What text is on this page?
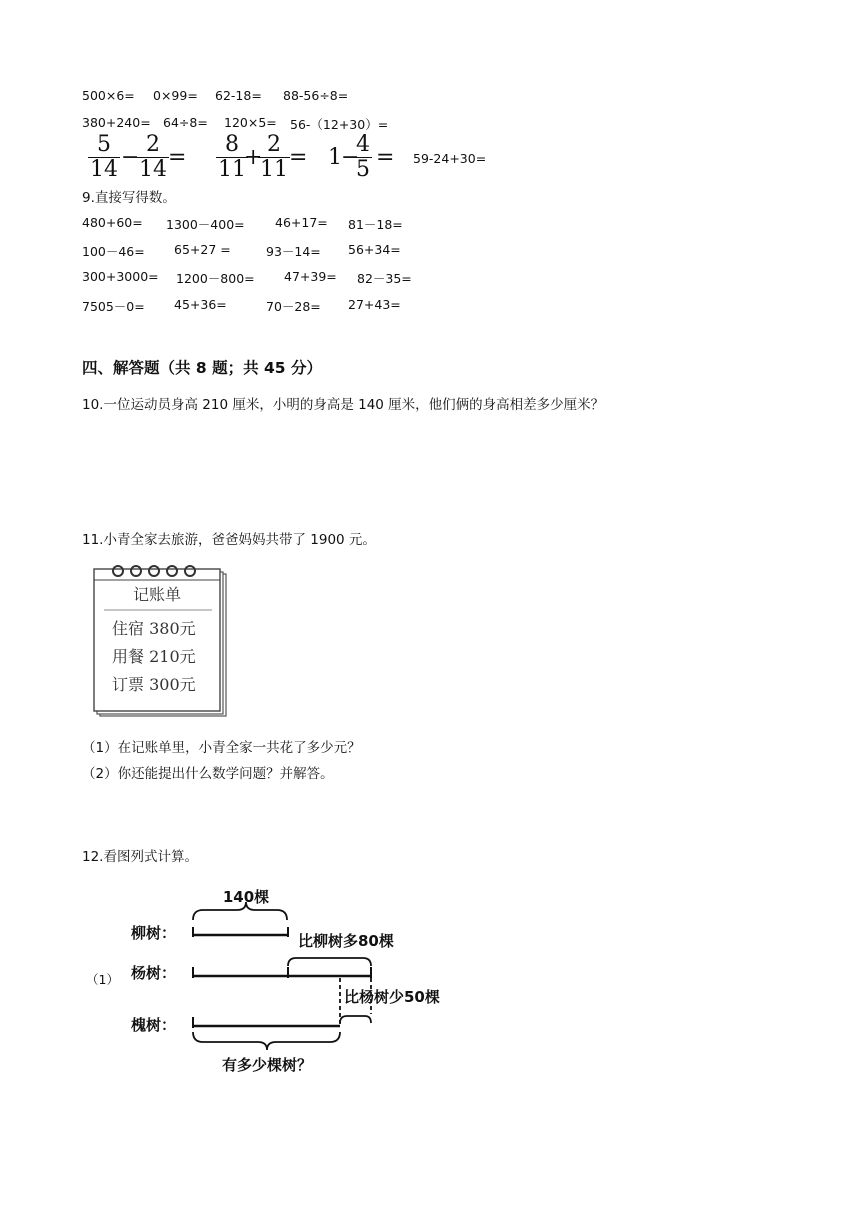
500×6= 0×99= 62-18= 88-56÷8=
380+240= 64÷8= 120×5= 56-（12+30）=
5
14 −
2
14 =
8
11
+
2
11 = 1 −
4
5 = 59-24+30=
9.直接写得数。
480+60= 1300－400= 46+17= 81－18=
100－46= 65+27 =	93－14= 56+34=
300+3000= 1200－800= 47+39= 82－35=
7505－0= 45+36=	70－28= 27+43=
四、解答题（共 8 题；共 45 分）
10.一位运动员身高 210 厘米，小明的身高是 140 厘米，他们俩的身高相差多少厘米？
11.小青全家去旅游，爸爸妈妈共带了 1900 元。
记账单
住宿 380元
用餐 210元
订票 300元
（1）在记账单里，小青全家一共花了多少元？
（2）你还能提出什么数学问题？并解答。
12.看图列式计算。
（1）
140棵
柳树：	比柳树多80棵
杨树：
比杨树少50棵
槐树：
有多少棵树？
